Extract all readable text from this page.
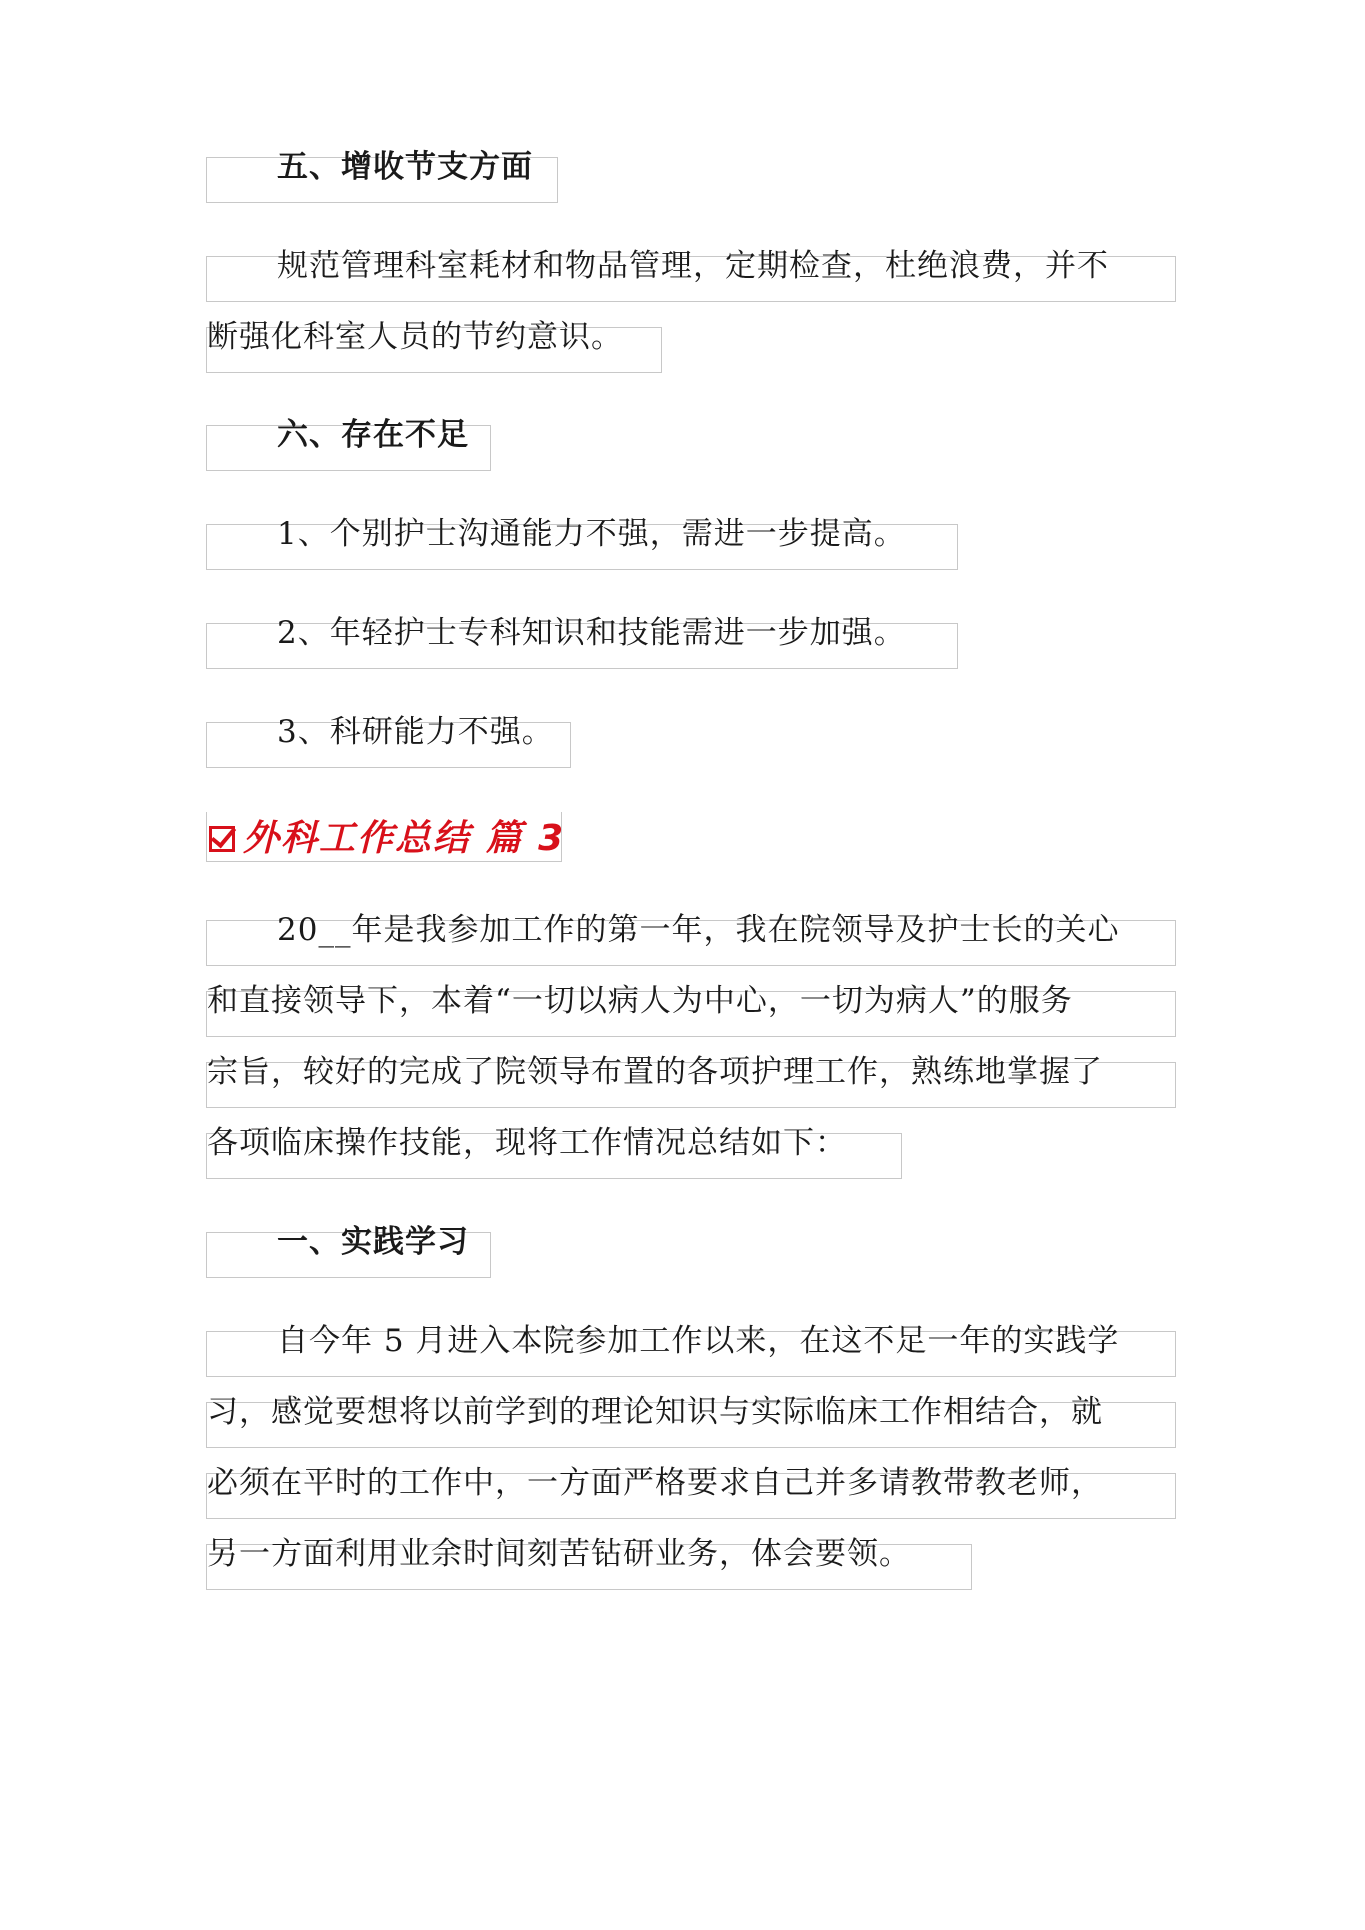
五、增收节支方面
规范管理科室耗材和物品管理，定期检查，杜绝浪费，并不
断强化科室人员的节约意识。
六、存在不足
1、个别护士沟通能力不强，需进一步提高。
2、年轻护士专科知识和技能需进一步加强。
3、科研能力不强。
外科工作总结 篇 3
20__年是我参加工作的第一年，我在院领导及护士长的关心
和直接领导下，本着“一切以病人为中心，一切为病人”的服务
宗旨，较好的完成了院领导布置的各项护理工作，熟练地掌握了
各项临床操作技能，现将工作情况总结如下：
一、实践学习
自今年 5 月进入本院参加工作以来，在这不足一年的实践学
习，感觉要想将以前学到的理论知识与实际临床工作相结合，就
必须在平时的工作中，一方面严格要求自己并多请教带教老师，
另一方面利用业余时间刻苦钻研业务，体会要领。
